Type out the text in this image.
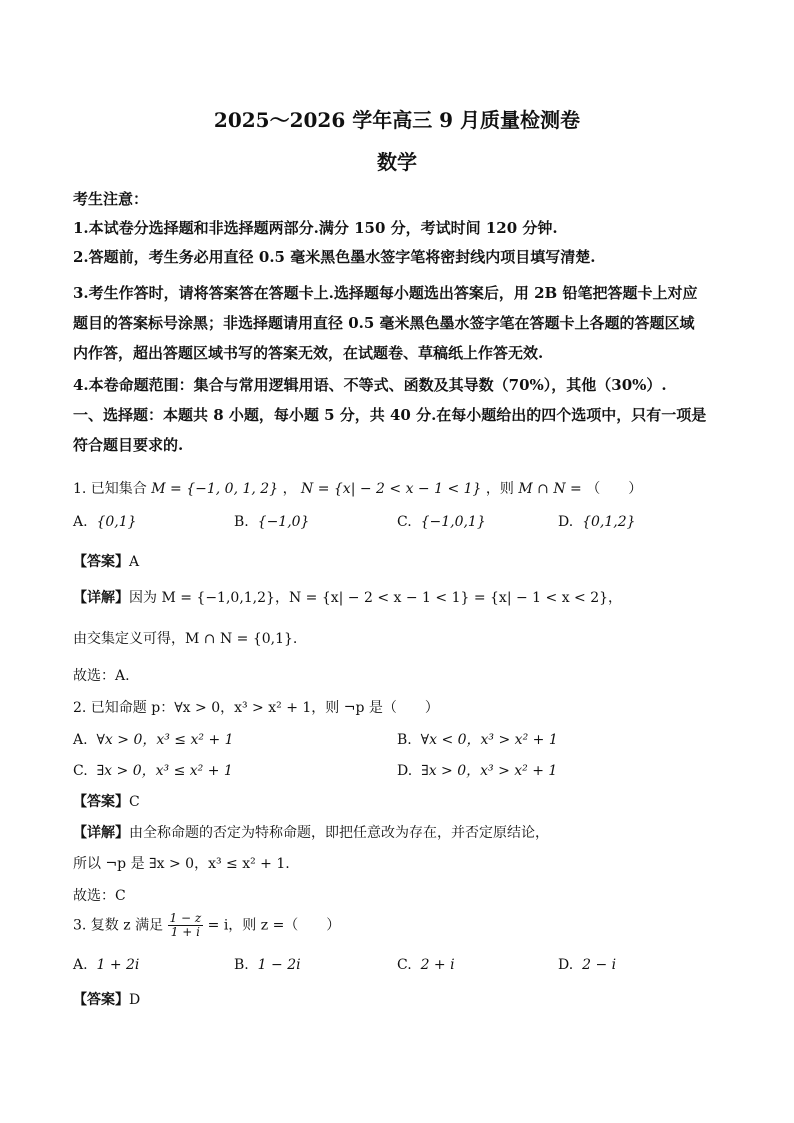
2025～2026 学年高三 9 月质量检测卷
数学
考生注意：
1.本试卷分选择题和非选择题两部分.满分 150 分，考试时间 120 分钟.
2.答题前，考生务必用直径 0.5 毫米黑色墨水签字笔将密封线内项目填写清楚.
3.考生作答时，请将答案答在答题卡上.选择题每小题选出答案后，用 2B 铅笔把答题卡上对应
题目的答案标号涂黑；非选择题请用直径 0.5 毫米黑色墨水签字笔在答题卡上各题的答题区域
内作答，超出答题区域书写的答案无效，在试题卷、草稿纸上作答无效.
4.本卷命题范围：集合与常用逻辑用语、不等式、函数及其导数（70%），其他（30%）.
一、选择题：本题共 8 小题，每小题 5 分，共 40 分.在每小题给出的四个选项中，只有一项是
符合题目要求的.
1. 已知集合 M = {−1, 0, 1, 2} ， N = {x| − 2 < x − 1 < 1} ，则 M ∩ N = （　　）
A. {0,1}	B. {−1,0}	C. {−1,0,1}	D. {0,1,2}
【答案】A
【详解】因为 M = {−1,0,1,2}，N = {x| − 2 < x − 1 < 1} = {x| − 1 < x < 2}，
由交集定义可得，M ∩ N = {0,1}.
故选：A.
2. 已知命题 p：∀x > 0，x³ > x² + 1，则 ¬p 是（　　）
A. ∀x > 0，x³ ≤ x² + 1	B. ∀x < 0，x³ > x² + 1
C. ∃x > 0，x³ ≤ x² + 1	D. ∃x > 0，x³ > x² + 1
【答案】C
【详解】由全称命题的否定为特称命题，即把任意改为存在，并否定原结论，
所以 ¬p 是 ∃x > 0，x³ ≤ x² + 1.
故选：C
3. 复数 z 满足 $\frac{1 - z}{1 + i} = i$，则 z =（　　）
A. 1 + 2i	B. 1 − 2i	C. 2 + i	D. 2 − i
【答案】D
